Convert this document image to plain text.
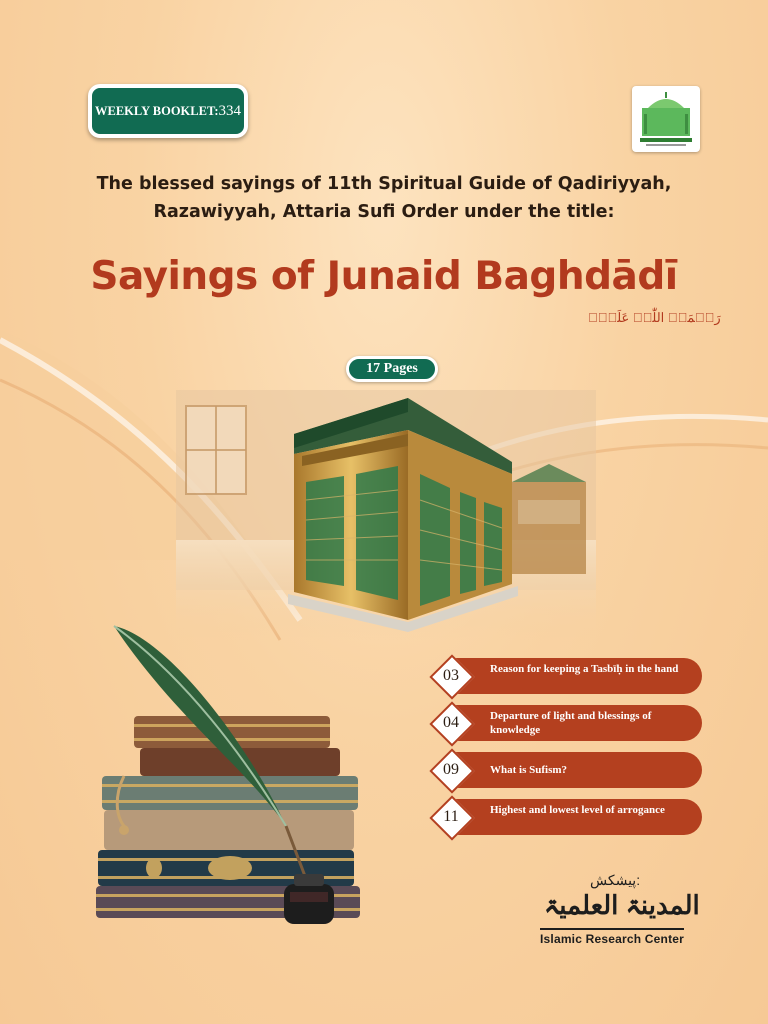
WEEKLY BOOKLET: 334
The blessed sayings of 11th Spiritual Guide of Qadiriyyah,
Razawiyyah, Attaria Sufi Order under the title:
Sayings of Junaid Baghdādī
رَحۡمَۃُ اللّٰہِ عَلَیۡہ
17 Pages
03	Reason for keeping a Tasbīḥ in the hand
04	Departure of light and blessings of knowledge
09	What is Sufism?
11	Highest and lowest level of arrogance
پیشکش:
المدینۃ العلمیۃ
Islamic Research Center
